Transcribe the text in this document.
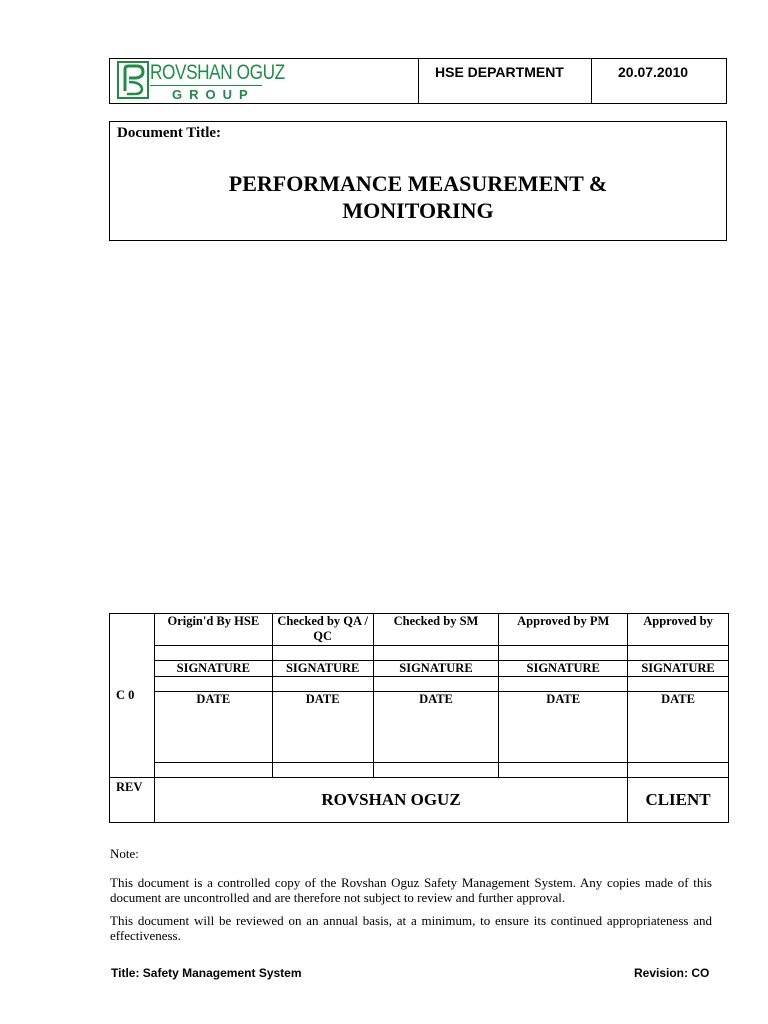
ROVSHAN OGUZ
GROUP
HSE DEPARTMENT	20.07.2010
Document Title:
PERFORMANCE MEASUREMENT &
MONITORING
C 0	Origin'd By HSE	Checked by QA / QC	Checked by SM	Approved by PM	Approved by

	SIGNATURE	SIGNATURE	SIGNATURE	SIGNATURE	SIGNATURE

	DATE	DATE	DATE	DATE	DATE

REV	ROVSHAN OGUZ				CLIENT

Note:

This document is a controlled copy of the Rovshan Oguz Safety Management System. Any copies made of this document are uncontrolled and are therefore not subject to review and further approval.

This document will be reviewed on an annual basis, at a minimum, to ensure its continued appropriateness and effectiveness.

Title: Safety Management System	Revision: CO
